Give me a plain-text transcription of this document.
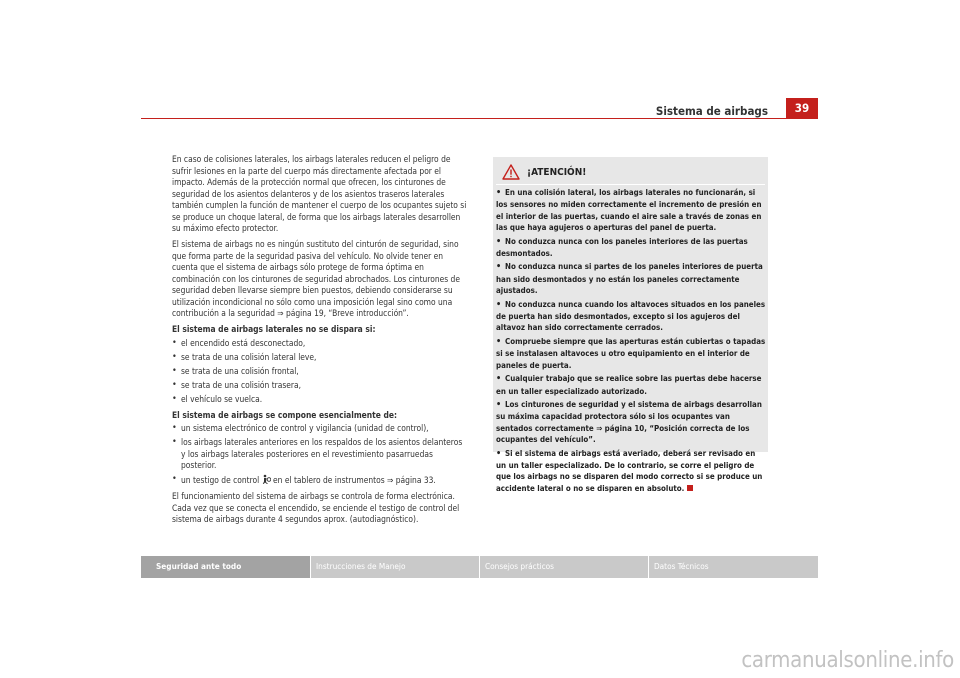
Sistema de airbags	39

En caso de colisiones laterales, los airbags laterales reducen el peligro de sufrir lesiones en la parte del cuerpo más directamente afectada por el impacto. Además de la protección normal que ofrecen, los cinturones de seguridad de los asientos delanteros y de los asientos traseros laterales también cumplen la función de mantener el cuerpo de los ocupantes sujeto si se produce un choque lateral, de forma que los airbags laterales desarrollen su máximo efecto protector.

El sistema de airbags no es ningún sustituto del cinturón de seguridad, sino que forma parte de la seguridad pasiva del vehículo. No olvide tener en cuenta que el sistema de airbags sólo protege de forma óptima en combinación con los cinturones de seguridad abrochados. Los cinturones de seguridad deben llevarse siempre bien puestos, debiendo considerarse su utilización incondicional no sólo como una imposición legal sino como una contribución a la seguridad ⇒ página 19, “Breve introducción”.

El sistema de airbags laterales no se dispara si:

• el encendido está desconectado,
• se trata de una colisión lateral leve,
• se trata de una colisión frontal,
• se trata de una colisión trasera,
• el vehículo se vuelca.

El sistema de airbags se compone esencialmente de:

• un sistema electrónico de control y vigilancia (unidad de control),
• los airbags laterales anteriores en los respaldos de los asientos delanteros y los airbags laterales posteriores en el revestimiento pasarruedas posterior.
• un testigo de control en el tablero de instrumentos ⇒ página 33.

El funcionamiento del sistema de airbags se controla de forma electrónica. Cada vez que se conecta el encendido, se enciende el testigo de control del sistema de airbags durante 4 segundos aprox. (autodiagnóstico).

¡ATENCIÓN!
• En una colisión lateral, los airbags laterales no funcionarán, si los sensores no miden correctamente el incremento de presión en el interior de las puertas, cuando el aire sale a través de zonas en las que haya agujeros o aperturas del panel de puerta.
• No conduzca nunca con los paneles interiores de las puertas desmontados.
• No conduzca nunca si partes de los paneles interiores de puerta han sido desmontados y no están los paneles correctamente ajustados.
• No conduzca nunca cuando los altavoces situados en los paneles de puerta han sido desmontados, excepto si los agujeros del altavoz han sido correctamente cerrados.
• Compruebe siempre que las aperturas están cubiertas o tapadas si se instalasen altavoces u otro equipamiento en el interior de paneles de puerta.
• Cualquier trabajo que se realice sobre las puertas debe hacerse en un taller especializado autorizado.
• Los cinturones de seguridad y el sistema de airbags desarrollan su máxima capacidad protectora sólo si los ocupantes van sentados correctamente ⇒ página 10, “Posición correcta de los ocupantes del vehículo”.
• Si el sistema de airbags está averiado, deberá ser revisado en un un taller especializado. De lo contrario, se corre el peligro de que los airbags no se disparen del modo correcto si se produce un accidente lateral o no se disparen en absoluto.
Seguridad ante todo	Instrucciones de Manejo	Consejos prácticos	Datos Técnicos
carmanualsonline.info
